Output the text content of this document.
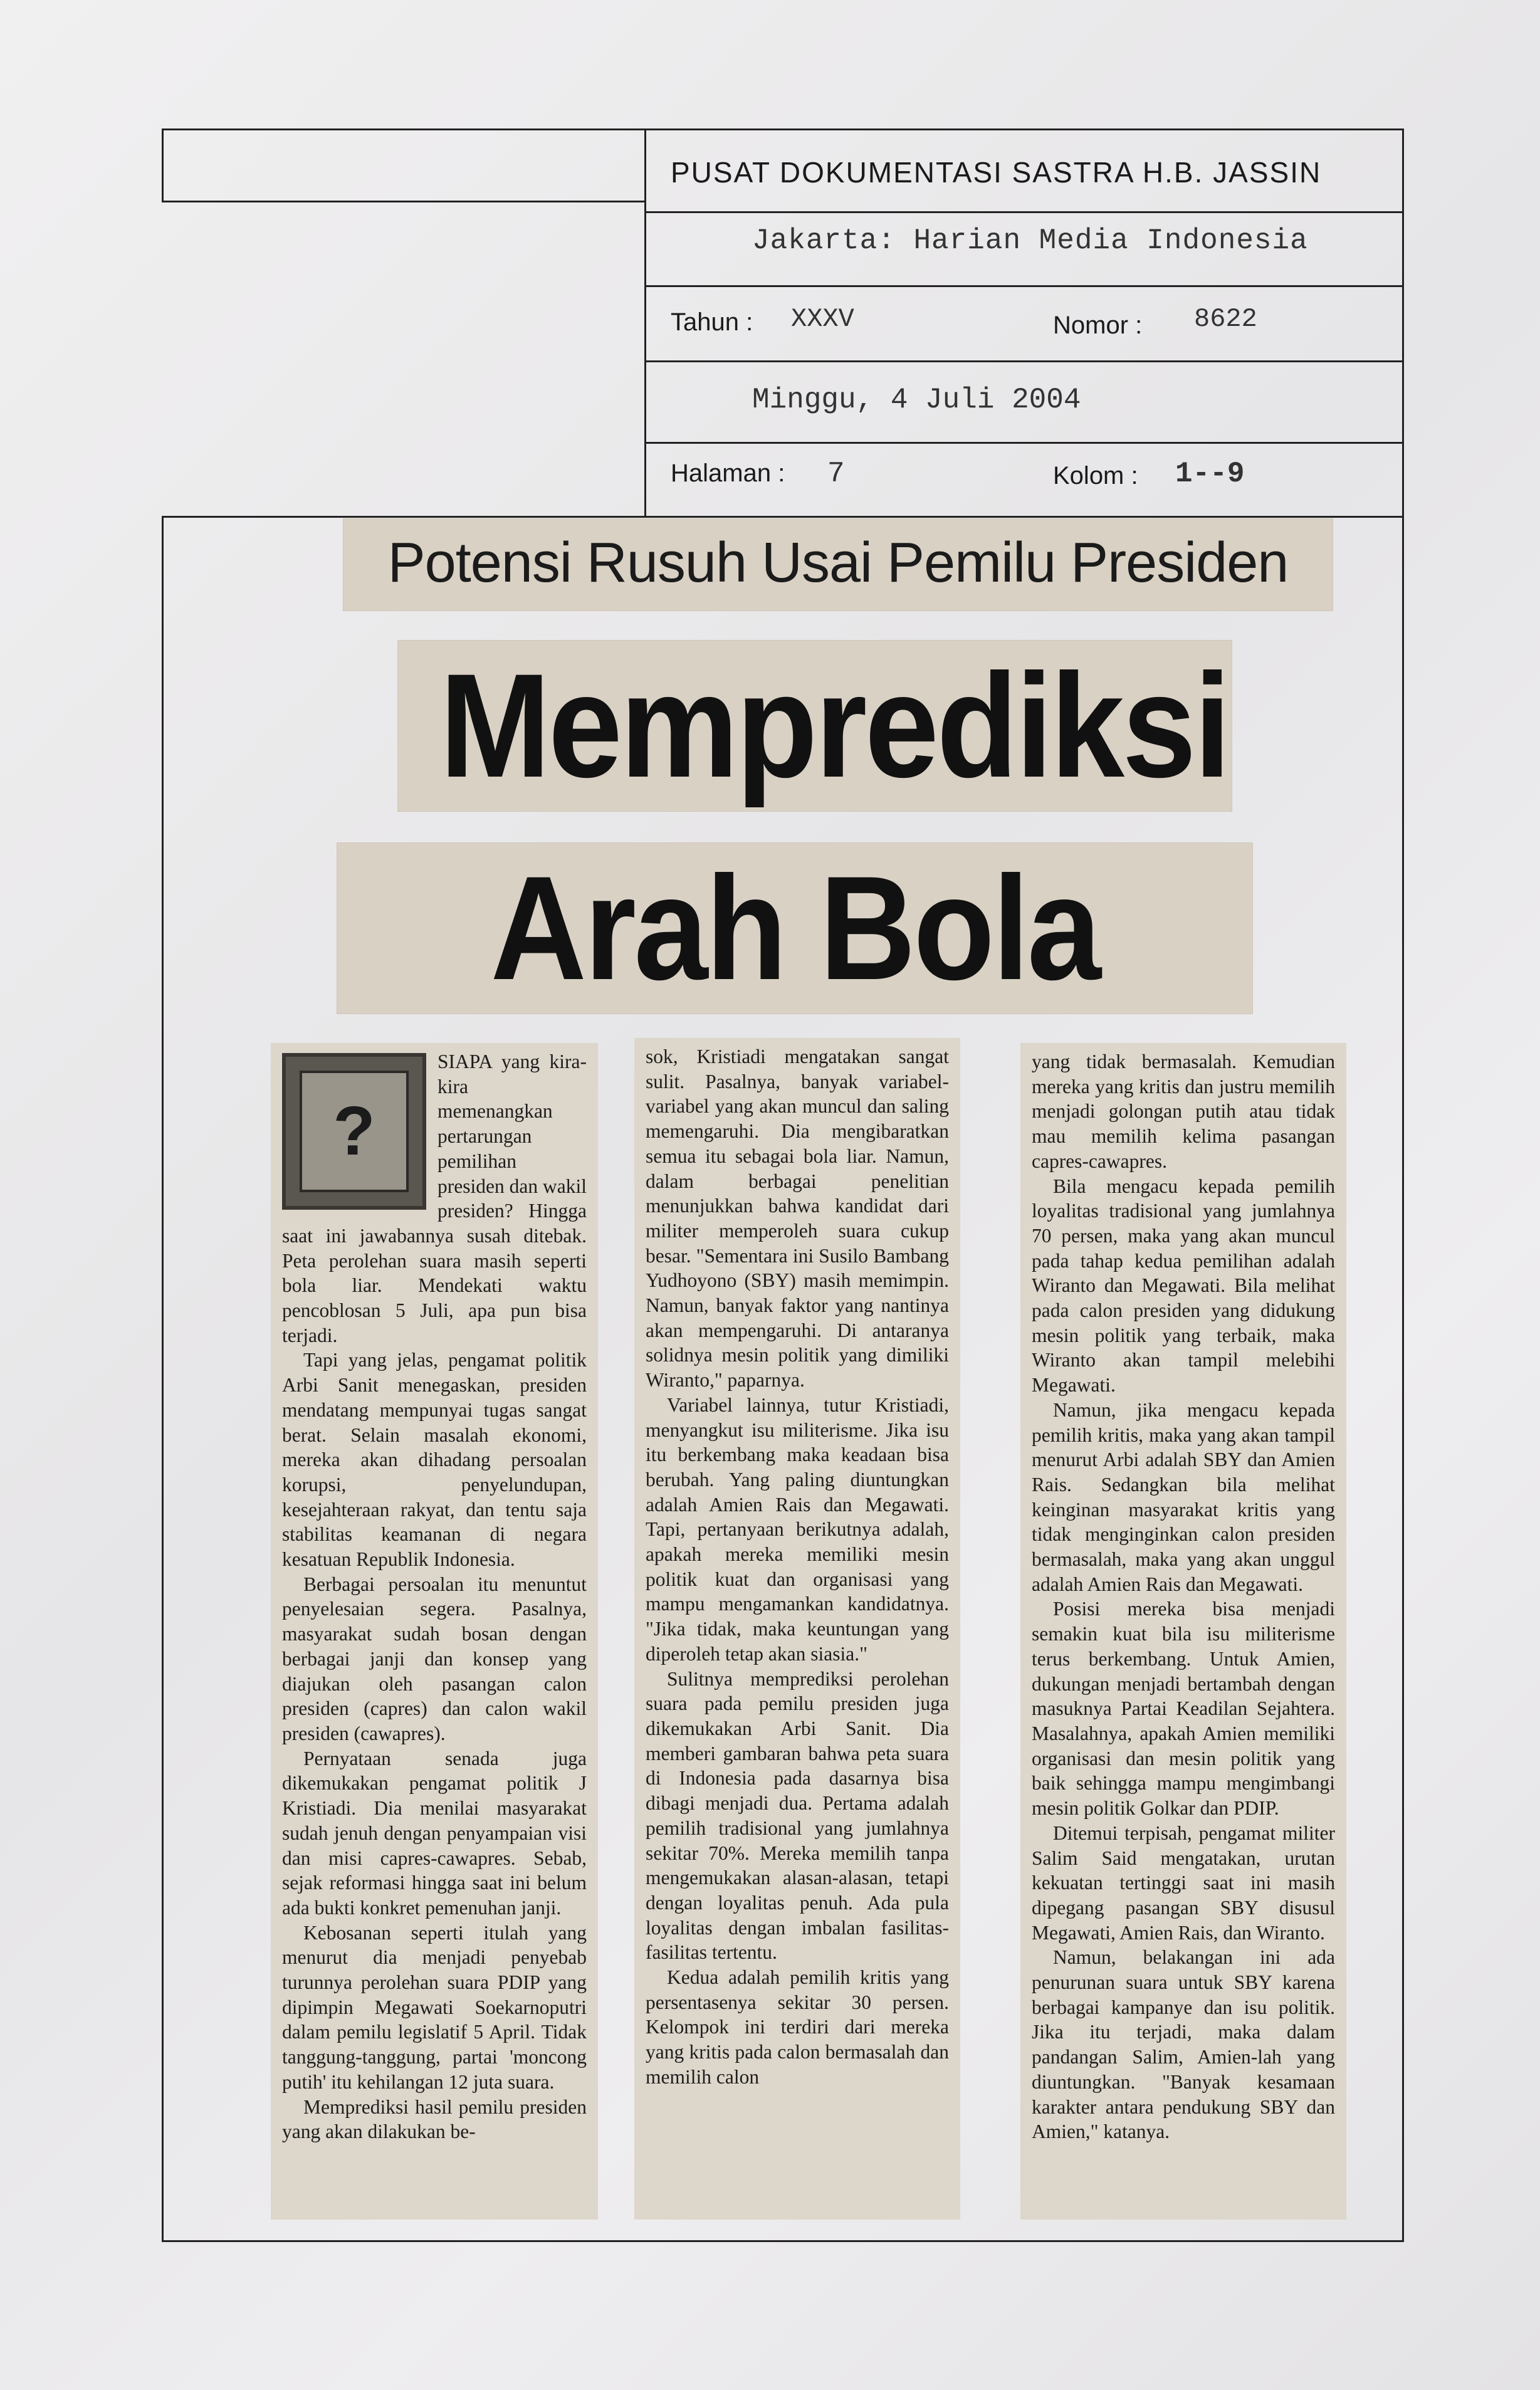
PUSAT DOKUMENTASI SASTRA H.B. JASSIN
Jakarta: Harian Media Indonesia
Tahun : XXXV	Nomor : 8622
Minggu, 4 Juli 2004
Halaman : 7	Kolom : 1--9
Potensi Rusuh Usai Pemilu Presiden
Memprediksi
Arah Bola
?

SIAPA yang kira-kira memenangkan pertarungan pemilihan presiden dan wakil presiden? Hingga saat ini jawabannya susah ditebak. Peta perolehan suara masih seperti bola liar. Mendekati waktu pencoblosan 5 Juli, apa pun bisa terjadi.

Tapi yang jelas, pengamat politik Arbi Sanit menegaskan, presiden mendatang mempunyai tugas sangat berat. Selain masalah ekonomi, mereka akan dihadang persoalan korupsi, penyelundupan, kesejahteraan rakyat, dan tentu saja stabilitas keamanan di negara kesatuan Republik Indonesia.

Berbagai persoalan itu menuntut penyelesaian segera. Pasalnya, masyarakat sudah bosan dengan berbagai janji dan konsep yang diajukan oleh pasangan calon presiden (capres) dan calon wakil presiden (cawapres).

Pernyataan senada juga dikemukakan pengamat politik J Kristiadi. Dia menilai masyarakat sudah jenuh dengan penyampaian visi dan misi capres-cawapres. Sebab, sejak reformasi hingga saat ini belum ada bukti konkret pemenuhan janji.

Kebosanan seperti itulah yang menurut dia menjadi penyebab turunnya perolehan suara PDIP yang dipimpin Megawati Soekarnoputri dalam pemilu legislatif 5 April. Tidak tanggung-tanggung, partai 'moncong putih' itu kehilangan 12 juta suara.

Memprediksi hasil pemilu presiden yang akan dilakukan be-

sok, Kristiadi mengatakan sangat sulit. Pasalnya, banyak variabel-variabel yang akan muncul dan saling memengaruhi. Dia mengibaratkan semua itu sebagai bola liar. Namun, dalam berbagai penelitian menunjukkan bahwa kandidat dari militer memperoleh suara cukup besar. "Sementara ini Susilo Bambang Yudhoyono (SBY) masih memimpin. Namun, banyak faktor yang nantinya akan mempengaruhi. Di antaranya solidnya mesin politik yang dimiliki Wiranto," paparnya.

Variabel lainnya, tutur Kristiadi, menyangkut isu militerisme. Jika isu itu berkembang maka keadaan bisa berubah. Yang paling diuntungkan adalah Amien Rais dan Megawati. Tapi, pertanyaan berikutnya adalah, apakah mereka memiliki mesin politik kuat dan organisasi yang mampu mengamankan kandidatnya. "Jika tidak, maka keuntungan yang diperoleh tetap akan siasia."

Sulitnya memprediksi perolehan suara pada pemilu presiden juga dikemukakan Arbi Sanit. Dia memberi gambaran bahwa peta suara di Indonesia pada dasarnya bisa dibagi menjadi dua. Pertama adalah pemilih tradisional yang jumlahnya sekitar 70%. Mereka memilih tanpa mengemukakan alasan-alasan, tetapi dengan loyalitas penuh. Ada pula loyalitas dengan imbalan fasilitas-fasilitas tertentu.

Kedua adalah pemilih kritis yang persentasenya sekitar 30 persen. Kelompok ini terdiri dari mereka yang kritis pada calon bermasalah dan memilih calon

yang tidak bermasalah. Kemudian mereka yang kritis dan justru memilih menjadi golongan putih atau tidak mau memilih kelima pasangan capres-cawapres.

Bila mengacu kepada pemilih loyalitas tradisional yang jumlahnya 70 persen, maka yang akan muncul pada tahap kedua pemilihan adalah Wiranto dan Megawati. Bila melihat pada calon presiden yang didukung mesin politik yang terbaik, maka Wiranto akan tampil melebihi Megawati.

Namun, jika mengacu kepada pemilih kritis, maka yang akan tampil menurut Arbi adalah SBY dan Amien Rais. Sedangkan bila melihat keinginan masyarakat kritis yang tidak menginginkan calon presiden bermasalah, maka yang akan unggul adalah Amien Rais dan Megawati.

Posisi mereka bisa menjadi semakin kuat bila isu militerisme terus berkembang. Untuk Amien, dukungan menjadi bertambah dengan masuknya Partai Keadilan Sejahtera. Masalahnya, apakah Amien memiliki organisasi dan mesin politik yang baik sehingga mampu mengimbangi mesin politik Golkar dan PDIP.

Ditemui terpisah, pengamat militer Salim Said mengatakan, urutan kekuatan tertinggi saat ini masih dipegang pasangan SBY disusul Megawati, Amien Rais, dan Wiranto.

Namun, belakangan ini ada penurunan suara untuk SBY karena berbagai kampanye dan isu politik. Jika itu terjadi, maka dalam pandangan Salim, Amien-lah yang diuntungkan. "Banyak kesamaan karakter antara pendukung SBY dan Amien," katanya.
